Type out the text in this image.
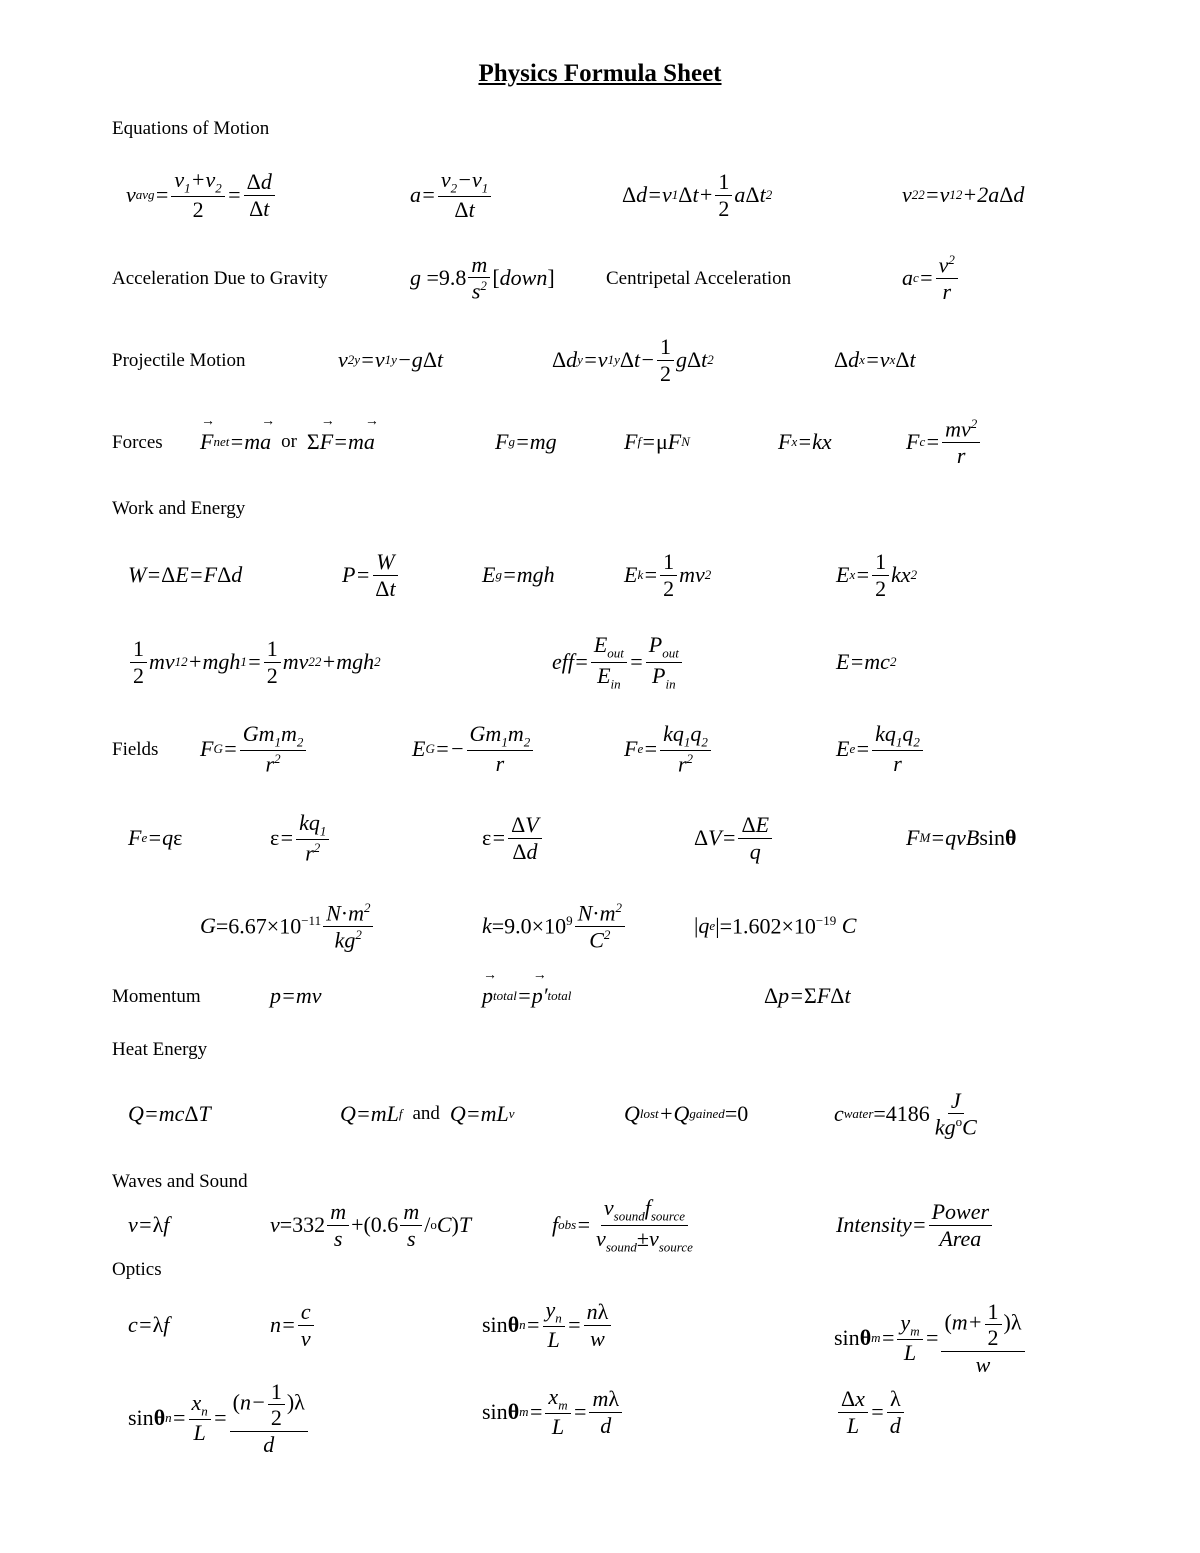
Physics Formula Sheet
Equations of Motion
v avg = $\frac{v_1+v_2}{2} = \frac{\Delta d}{\Delta t}$	$a= \frac{v_2-v_1}{\Delta t}$	Δ d=v 1 Δ $t+ \frac{1}{2}$ a Δ t 2	v 2 2 =v 1 2 +2a Δ d
Acceleration Due to Gravity	$g =9.8 \frac{m}{s^2}$ [ down ]	Centripetal Acceleration	a $c = \frac{v^2}{r}$
Projectile Motion	v 2y =v 1y −g Δ t	Δ d y =v 1y Δ $t- \frac{1}{2}$ g Δ t 2	Δ d x =v x Δ t
Forces → F net =m → a or Σ → F =m → a	F g =mg	F f = μ F N	F x =kx	F $c = \frac{mv^2}{r}$
Work and Energy
W= Δ E=F Δ d	$P= \frac{W}{\Delta t}$	E g =mgh	E $k = \frac{1}{2}$ mv 2	E $x = \frac{1}{2}$ kx 2
$\frac{1}{2}$ mv 1 2 +mgh $1 = \frac{1}{2}$ mv 2 2 +mgh 2	$eff= \frac{E_{out}}{E_{in}} = \frac{P_{out}}{P_{in}}$	E=mc 2
Fields F $G = \frac{Gm_1m_2}{r^2}$	E $G =- \frac{Gm_1m_2}{r}$	F $e = \frac{kq_1q_2}{r^2}$	E $e = \frac{kq_1q_2}{r}$
F e =q ε	$\varepsilon = \frac{kq_1}{r^2}$	$\varepsilon = \frac{\Delta V}{\Delta d}$	Δ $V= \frac{\Delta E}{q}$	F M =qvB sin θ
$G =6.67\times 10^{-11} \frac{N\cdot m^2}{kg^2}$	$k =9.0\times 10^9 \frac{N\cdot m^2}{C^2}$	| q e $|=1.602\times 10^{-19}$ C
Momentum	p=mv	→ p total = → p ′ total	Δ p= Σ F Δ t
Heat Energy
Q=mc Δ T	Q=mL f and Q=mL v	Q lost +Q gained =0	c water $=4186 \frac{J}{kg^oC}$
Waves and Sound
v= λ f	$v =332 \frac{m}{s} +(0.6 \frac{m}{s} / o$ C ) T	f obs = $\frac{v_{sound}f_{source}}{v_{sound}\pm v_{source}}$	Intensity= $\frac{\text{Power}}{\text{Area}}$
Optics
c= λ f	$n= \frac{c}{v}$	sin θ $n = \frac{y_n}{L} = \frac{n\lambda}{w}$	sin θ $m = \frac{y_m}{L} = \frac{(m+ \frac{1}{2} )\lambda}{w}$
sin θ $n = \frac{x_n}{L} = \frac{(n- \frac{1}{2} )\lambda}{d}$	sin θ $m = \frac{x_m}{L} = \frac{m\lambda}{d}$	$\frac{\Delta x}{L} = \frac{\lambda}{d}$
